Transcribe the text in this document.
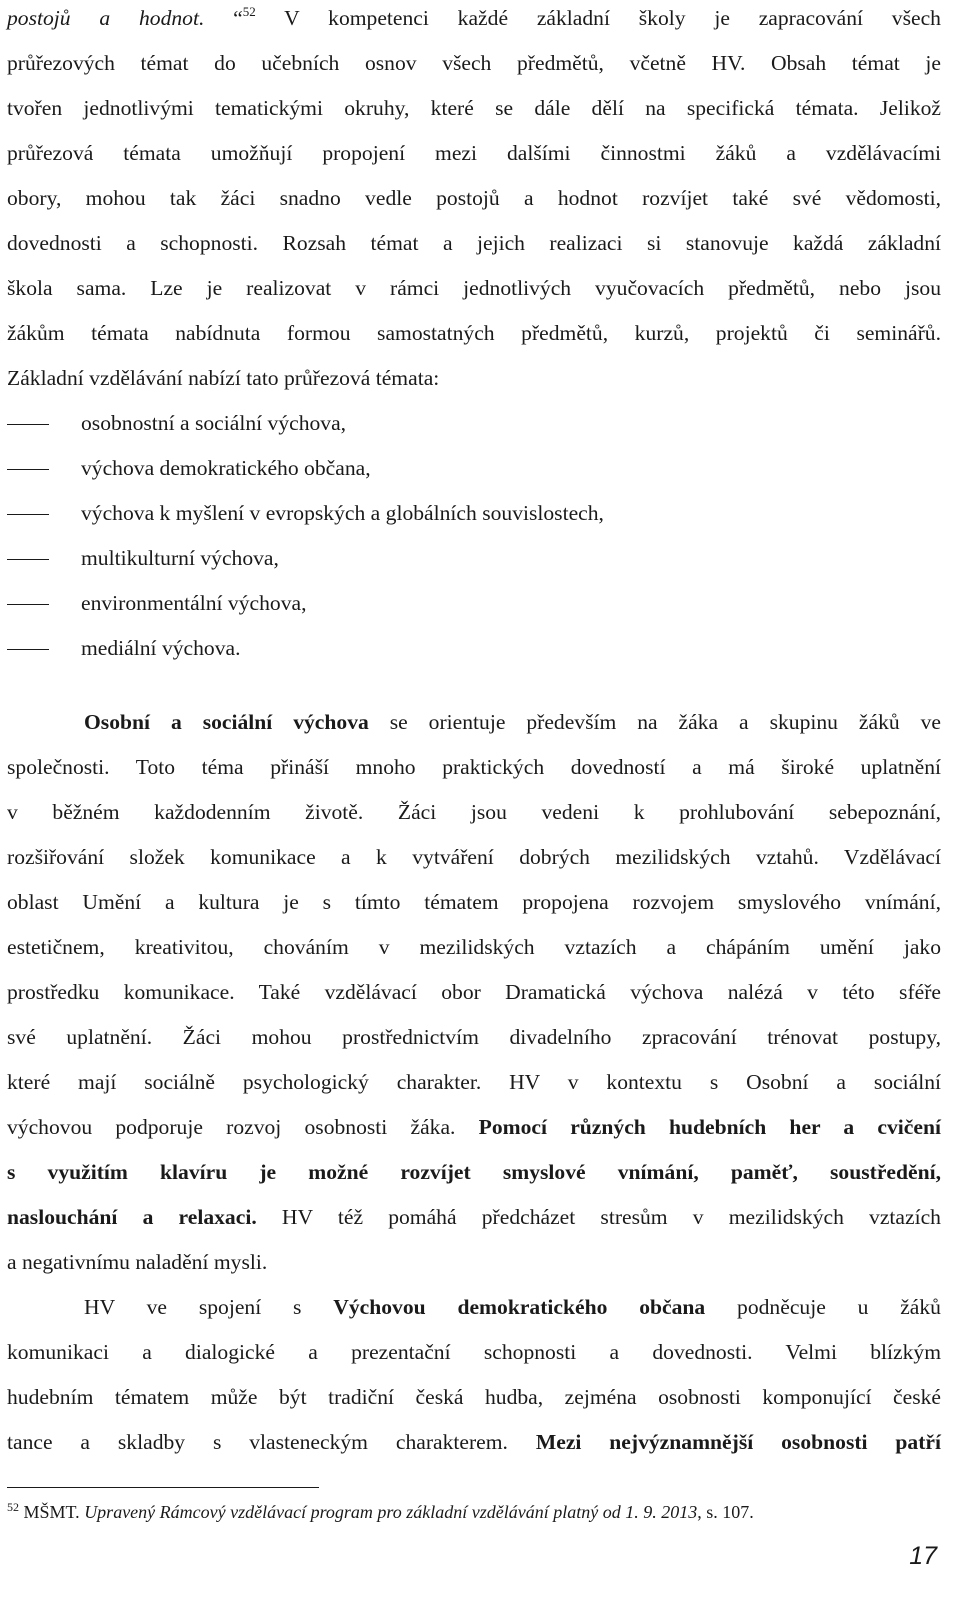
postojů a hodnot. “$^{52}$ V kompetenci každé základní školy je zapracování všech
průřezových témat do učebních osnov všech předmětů, včetně HV. Obsah témat je
tvořen jednotlivými tematickými okruhy, které se dále dělí na specifická témata. Jelikož
průřezová témata umožňují propojení mezi dalšími činnostmi žáků a vzdělávacími
obory, mohou tak žáci snadno vedle postojů a hodnot rozvíjet také své vědomosti,
dovednosti a schopnosti. Rozsah témat a jejich realizaci si stanovuje každá základní
škola sama. Lze je realizovat v rámci jednotlivých vyučovacích předmětů, nebo jsou
žákům témata nabídnuta formou samostatných předmětů, kurzů, projektů či seminářů.
Základní vzdělávání nabízí tato průřezová témata:
osobnostní a sociální výchova,
výchova demokratického občana,
výchova k myšlení v evropských a globálních souvislostech,
multikulturní výchova,
environmentální výchova,
mediální výchova.
Osobní a sociální výchova se orientuje především na žáka a skupinu žáků ve
společnosti. Toto téma přináší mnoho praktických dovedností a má široké uplatnění
v běžném každodenním životě. Žáci jsou vedeni k prohlubování sebepoznání,
rozšiřování složek komunikace a k vytváření dobrých mezilidských vztahů. Vzdělávací
oblast Umění a kultura je s tímto tématem propojena rozvojem smyslového vnímání,
estetičnem, kreativitou, chováním v mezilidských vztazích a chápáním umění jako
prostředku komunikace. Také vzdělávací obor Dramatická výchova nalézá v této sféře
své uplatnění. Žáci mohou prostřednictvím divadelního zpracování trénovat postupy,
které mají sociálně psychologický charakter. HV v kontextu s Osobní a sociální
výchovou podporuje rozvoj osobnosti žáka. Pomocí různých hudebních her a cvičení
s využitím klavíru je možné rozvíjet smyslové vnímání, paměť, soustředění,
naslouchání a relaxaci. HV též pomáhá předcházet stresům v mezilidských vztazích
a negativnímu naladění mysli.
HV ve spojení s Výchovou demokratického občana podněcuje u žáků
komunikaci a dialogické a prezentační schopnosti a dovednosti. Velmi blízkým
hudebním tématem může být tradiční česká hudba, zejména osobnosti komponující české
tance a skladby s vlasteneckým charakterem. Mezi nejvýznamnější osobnosti patří
$^{52}$ MŠMT. Upravený Rámcový vzdělávací program pro základní vzdělávání platný od 1. 9. 2013, s. 107.
17
